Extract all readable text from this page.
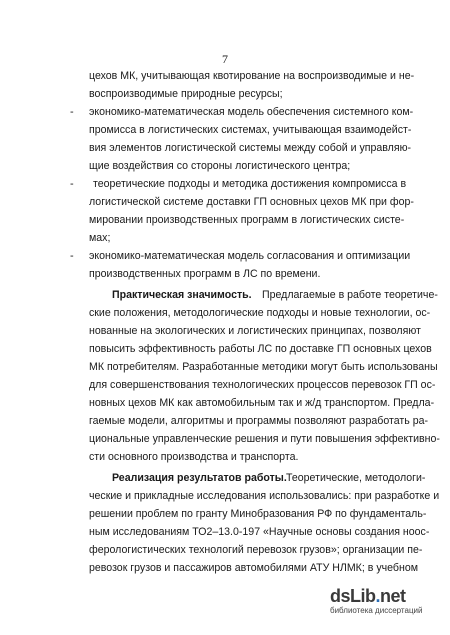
7
цехов МК, учитывающая квотирование на воспроизводимые и не-
воспроизводимые природные ресурсы;
- экономико-математическая модель обеспечения системного ком-
промисса в логистических системах, учитывающая взаимодейст-
вия элементов логистической системы между собой и управляю-
щие воздействия со стороны логистического центра;
- теоретические подходы и методика достижения компромисса в
логистической системе доставки ГП основных цехов МК при фор-
мировании производственных программ в логистических систе-
мах;
- экономико-математическая модель согласования и оптимизации
производственных программ в ЛС по времени.
Практическая значимость. Предлагаемые в работе теоретиче-
ские положения, методологические подходы и новые технологии, ос-
нованные на экологических и логистических принципах, позволяют
повысить эффективность работы ЛС по доставке ГП основных цехов
МК потребителям. Разработанные методики могут быть использованы
для совершенствования технологических процессов перевозок ГП ос-
новных цехов МК как автомобильным так и ж/д транспортом. Предла-
гаемые модели, алгоритмы и программы позволяют разработать ра-
циональные управленческие решения и пути повышения эффективно-
сти основного производства и транспорта.
Реализация результатов работы. Теоретические, методологи-
ческие и прикладные исследования использовались: при разработке и
решении проблем по гранту Минобразования РФ по фундаменталь-
ным исследованиям ТО2–13.0-197 «Научные основы создания ноос-
ферологистических технологий перевозок грузов»; организации пе-
ревозок грузов и пассажиров автомобилями АТУ НЛМК; в учебном
dsLib.net
библиотека диссертаций
